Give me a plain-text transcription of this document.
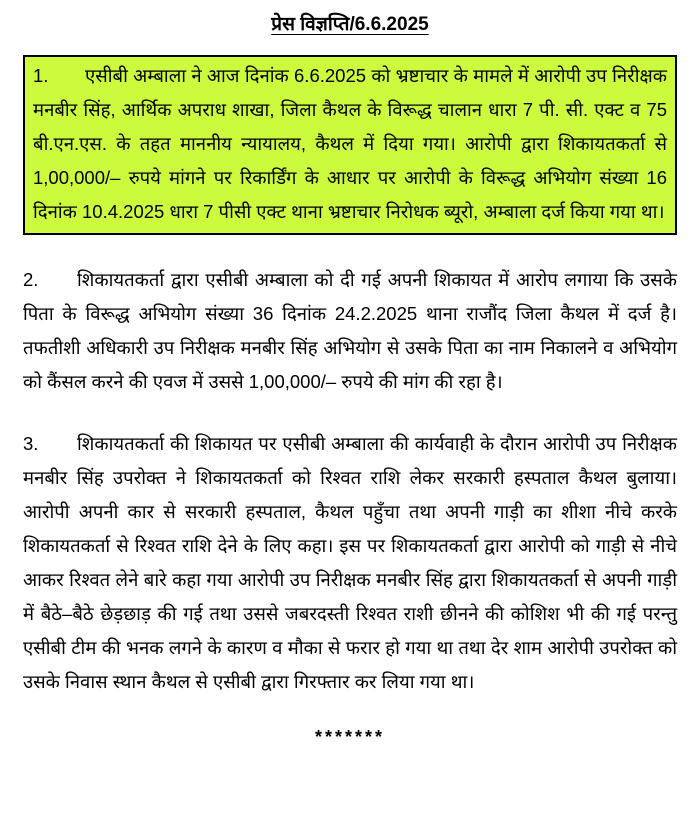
प्रेस विज्ञप्ति/6.6.2025
1. एसीबी अम्बाला ने आज दिनांक 6.6.2025 को भ्रष्टाचार के मामले में आरोपी उप निरीक्षक मनबीर सिंह, आर्थिक अपराध शाखा, जिला कैथल के विरूद्ध चालान धारा 7 पी. सी. एक्ट व 75 बी.एन.एस. के तहत माननीय न्यायालय, कैथल में दिया गया। आरोपी द्वारा शिकायतकर्ता से 1,00,000/– रुपये मांगने पर रिकार्डिंग के आधार पर आरोपी के विरूद्ध अभियोग संख्या 16 दिनांक 10.4.2025 धारा 7 पीसी एक्ट थाना भ्रष्टाचार निरोधक ब्यूरो, अम्बाला दर्ज किया गया था।
2. शिकायतकर्ता द्वारा एसीबी अम्बाला को दी गई अपनी शिकायत में आरोप लगाया कि उसके पिता के विरूद्ध अभियोग संख्या 36 दिनांक 24.2.2025 थाना राजौंद जिला कैथल में दर्ज है। तफतीशी अधिकारी उप निरीक्षक मनबीर सिंह अभियोग से उसके पिता का नाम निकालने व अभियोग को कैंसल करने की एवज में उससे 1,00,000/– रुपये की मांग की रहा है।
3. शिकायतकर्ता की शिकायत पर एसीबी अम्बाला की कार्यवाही के दौरान आरोपी उप निरीक्षक मनबीर सिंह उपरोक्त ने शिकायतकर्ता को रिश्वत राशि लेकर सरकारी हस्पताल कैथल बुलाया। आरोपी अपनी कार से सरकारी हस्पताल, कैथल पहुँचा तथा अपनी गाड़ी का शीशा नीचे करके शिकायतकर्ता से रिश्वत राशि देने के लिए कहा। इस पर शिकायतकर्ता द्वारा आरोपी को गाड़ी से नीचे आकर रिश्वत लेने बारे कहा गया आरोपी उप निरीक्षक मनबीर सिंह द्वारा शिकायतकर्ता से अपनी गाड़ी में बैठे–बैठे छेड़छाड़ की गई तथा उससे जबरदस्ती रिश्वत राशी छीनने की कोशिश भी की गई परन्तु एसीबी टीम की भनक लगने के कारण व मौका से फरार हो गया था तथा देर शाम आरोपी उपरोक्त को उसके निवास स्थान कैथल से एसीबी द्वारा गिरफ्तार कर लिया गया था।
*******
